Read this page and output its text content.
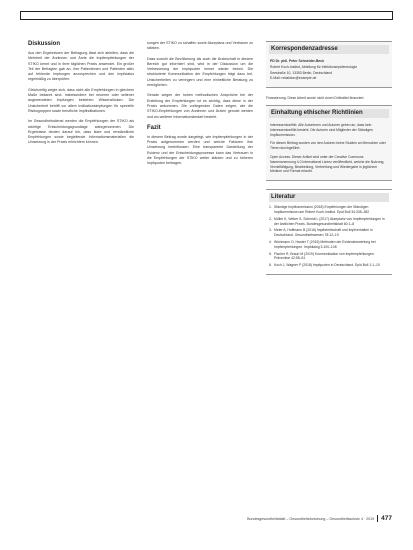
Diskussion

Aus den Ergebnissen der Befragung lässt sich ableiten, dass die Mehrheit der Ärztinnen und Ärzte die Impfempfehlungen der STIKO kennt und in ihrer täglichen Praxis anwendet. Ein großer Teil der Befragten gab an, ihre Patientinnen und Patienten aktiv auf fehlende Impfungen anzusprechen und den Impfstatus regelmäßig zu überprüfen.

Gleichzeitig zeigte sich, dass nicht alle Empfehlungen in gleichem Maße bekannt sind. Insbesondere bei neueren oder seltener angewendeten Impfungen bestehen Wissenslücken. Die Unsicherheit betrifft vor allem Indikationsimpfungen für spezielle Risikogruppen sowie berufliche Impfindikationen.

Im Gesundheitsdienst werden die Empfehlungen der STIKO als wichtige Entscheidungsgrundlage wahrgenommen. Die Ergebnisse deuten darauf hin, dass klare und verständliche Empfehlungen sowie begleitende Informationsmaterialien die Umsetzung in der Praxis erleichtern können.

sungen der STIKO zu schaffen sowie Akzeptanz und Vertrauen zu stärken.

Dass sowohl die Bevölkerung als auch die Ärzteschaft in diesem Bereich gut informiert sind, wird in der Diskussion um die Verbesserung der Impfquoten immer wieder betont. Die strukturierte Kommunikation der Empfehlungen trägt dazu bei, Unsicherheiten zu verringern und eine einheitliche Beratung zu ermöglichen.

Gerade wegen der hohen methodischen Ansprüche bei der Erstellung der Empfehlungen ist es wichtig, dass diese in der Praxis ankommen. Die vorliegenden Daten zeigen, wie die STIKO-Empfehlungen von Ärztinnen und Ärzten genutzt werden und wo weiterer Informationsbedarf besteht.

Fazit

In diesem Beitrag wurde dargelegt, wie Impfempfehlungen in der Praxis aufgenommen werden und welche Faktoren ihre Umsetzung beeinflussen. Eine transparente Darstellung der Evidenz und der Entscheidungsprozesse kann das Vertrauen in die Empfehlungen der STIKO weiter stärken und zu höheren Impfquoten beitragen.

Korrespondenzadresse
PD Dr. phil. Peter Schneider-Beck
Robert Koch-Institut, Abteilung für Infektionsepidemiologie
Seestraße 10, 13353 Berlin, Deutschland
E-Mail: redaktion@example.de

Finanzierung. Diese Arbeit wurde nicht durch Drittmittel finanziert.

Einhaltung ethischer Richtlinien

Interessenkonflikt. Alle Autorinnen und Autoren geben an, dass kein Interessenkonflikt besteht. Die Autoren sind Mitglieder der Ständigen Impfkommission.

Für diesen Beitrag wurden von den Autoren keine Studien an Menschen oder Tieren durchgeführt.

Open Access. Dieser Artikel wird unter der Creative Commons Namensnennung 4.0 International Lizenz veröffentlicht, welche die Nutzung, Vervielfältigung, Bearbeitung, Verbreitung und Wiedergabe in jeglichem Medium und Format erlaubt.

Literatur
1. Ständige Impfkommission (2018) Empfehlungen der Ständigen Impfkommission am Robert Koch-Institut. Epid Bull 34:335–382
2. Müller K, Weber S, Schmidt L (2017) Akzeptanz von Impfempfehlungen in der ärztlichen Praxis. Bundesgesundheitsblatt 60:1–8
3. Meier A, Hoffmann B (2016) Impfbereitschaft und Impfverhalten in Deutschland. Gesundheitswesen 78:12–19
4. Wichmann O, Harder T (2015) Methoden der Evidenzbewertung bei Impfempfehlungen. Impfdialog 3:100–108
5. Fischer R, Braun M (2019) Kommunikation von Impfempfehlungen. Prävention 42:55–61
6. Koch J, Wagner P (2018) Impfquoten in Deutschland. Epid Bull 1:1–10
Bundesgesundheitsblatt – Gesundheitsforschung – Gesundheitsschutz 4 · 2019	477
